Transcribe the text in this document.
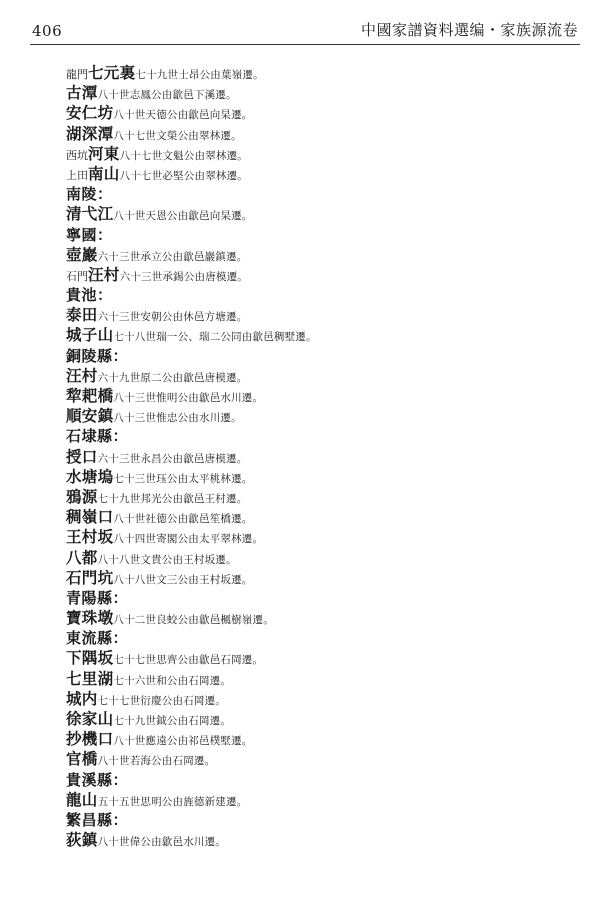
406	中國家譜資料選编・家族源流卷
龍門七元裏七十九世士昂公由葉嶺遷。
古潭八十世志鳳公由歙邑下溪遷。
安仁坊八十世天德公由歙邑向杲遷。
湖深潭八十七世文榮公由翠林遷。
西坑河東八十七世文魁公由翠林遷。
上田南山八十七世必堅公由翠林遷。
南陵：
清弋江八十世天恩公由歙邑向杲遷。
寧國：
壺巖六十三世承立公由歙邑巖鎮遷。
石門汪村六十三世承錫公由唐模遷。
貴池：
泰田六十三世安朝公由休邑方塘遷。
城子山七十八世瑞一公、瑞二公同由歙邑稠墅遷。
銅陵縣：
汪村六十九世原二公由歙邑唐模遷。
犂耙橋八十三世惟明公由歙邑水川遷。
順安鎮八十三世惟忠公由水川遷。
石埭縣：
授口六十三世永昌公由歙邑唐模遷。
水塘塢七十三世珏公由太平桃林遷。
鴉源七十九世邦光公由歙邑王村遷。
稠嶺口八十世社德公由歙邑笙橋遷。
王村坂八十四世寄閣公由太平翠林遷。
八都八十八世文貴公由王村坂遷。
石門坑八十八世文三公由王村坂遷。
青陽縣：
寶珠墩八十二世良蛟公由歙邑楓樹嶺遷。
東流縣：
下隅坂七十七世思齊公由歙邑石岡遷。
七里湖七十六世和公由石岡遷。
城内七十七世衍慶公由石岡遷。
徐家山七十九世鉞公由石岡遷。
抄機口八十世應遠公由祁邑樸墅遷。
官橋八十世若海公由石岡遷。
貴溪縣：
龍山五十五世思明公由旌德新建遷。
繁昌縣：
荻鎮八十世偉公由歙邑水川遷。
